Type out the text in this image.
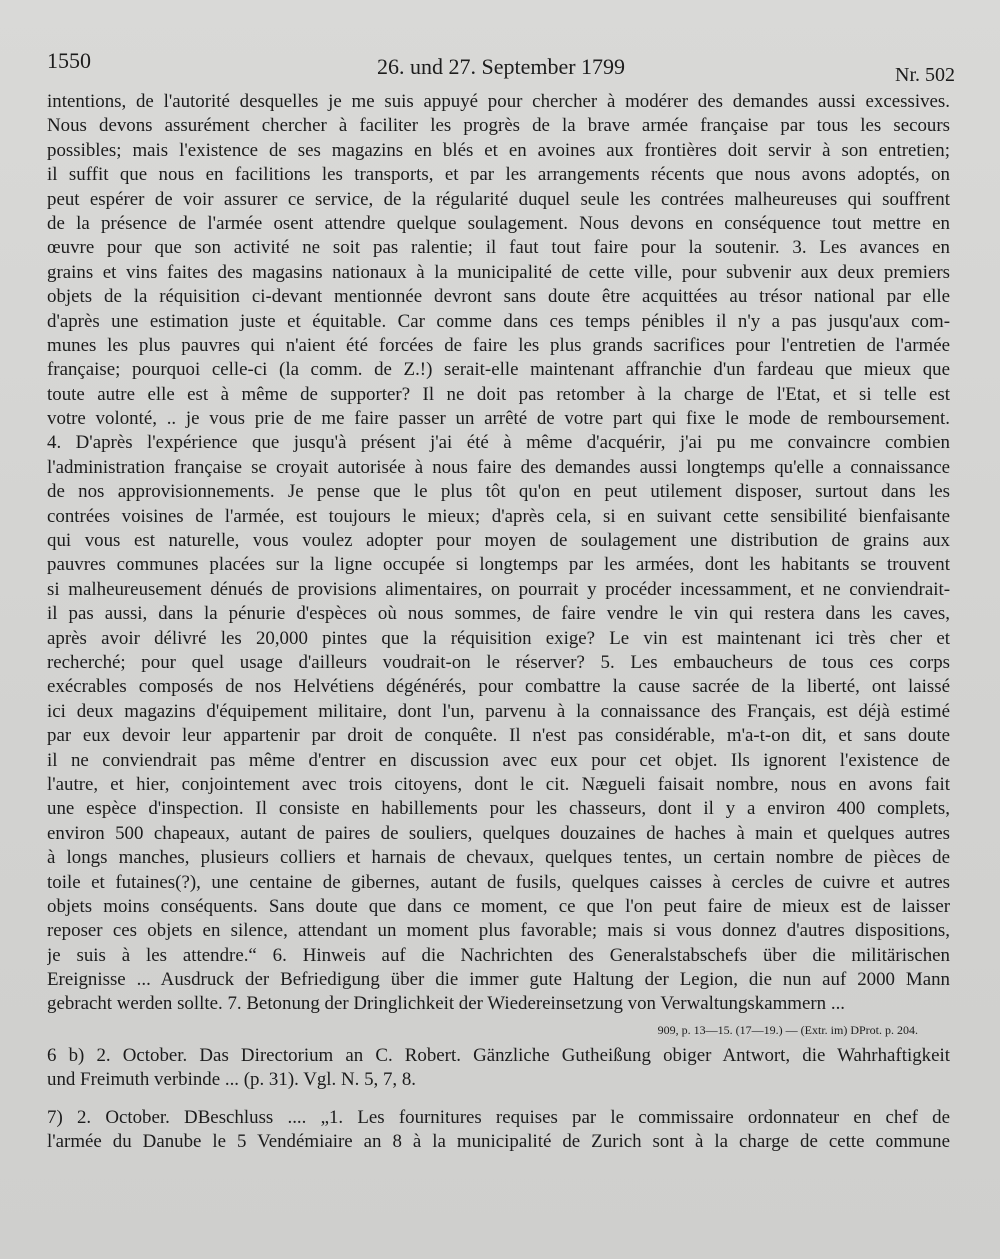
1550	26. und 27. September 1799	Nr. 502
intentions, de l'autorité desquelles je me suis appuyé pour chercher à modérer des demandes aussi excessives.
Nous devons assurément chercher à faciliter les progrès de la brave armée française par tous les secours
possibles; mais l'existence de ses magazins en blés et en avoines aux frontières doit servir à son entretien;
il suffit que nous en facilitions les transports, et par les arrangements récents que nous avons adoptés, on
peut espérer de voir assurer ce service, de la régularité duquel seule les contrées malheureuses qui souffrent
de la présence de l'armée osent attendre quelque soulagement. Nous devons en conséquence tout mettre en
œuvre pour que son activité ne soit pas ralentie; il faut tout faire pour la soutenir. 3. Les avances en
grains et vins faites des magasins nationaux à la municipalité de cette ville, pour subvenir aux deux premiers
objets de la réquisition ci-devant mentionnée devront sans doute être acquittées au trésor national par elle
d'après une estimation juste et équitable. Car comme dans ces temps pénibles il n'y a pas jusqu'aux com-
munes les plus pauvres qui n'aient été forcées de faire les plus grands sacrifices pour l'entretien de l'armée
française; pourquoi celle-ci (la comm. de Z.!) serait-elle maintenant affranchie d'un fardeau que mieux que
toute autre elle est à même de supporter? Il ne doit pas retomber à la charge de l'Etat, et si telle est
votre volonté, .. je vous prie de me faire passer un arrêté de votre part qui fixe le mode de remboursement.
4. D'après l'expérience que jusqu'à présent j'ai été à même d'acquérir, j'ai pu me convaincre combien
l'administration française se croyait autorisée à nous faire des demandes aussi longtemps qu'elle a connaissance
de nos approvisionnements. Je pense que le plus tôt qu'on en peut utilement disposer, surtout dans les
contrées voisines de l'armée, est toujours le mieux; d'après cela, si en suivant cette sensibilité bienfaisante
qui vous est naturelle, vous voulez adopter pour moyen de soulagement une distribution de grains aux
pauvres communes placées sur la ligne occupée si longtemps par les armées, dont les habitants se trouvent
si malheureusement dénués de provisions alimentaires, on pourrait y procéder incessamment, et ne conviendrait-
il pas aussi, dans la pénurie d'espèces où nous sommes, de faire vendre le vin qui restera dans les caves,
après avoir délivré les 20,000 pintes que la réquisition exige? Le vin est maintenant ici très cher et
recherché; pour quel usage d'ailleurs voudrait-on le réserver? 5. Les embaucheurs de tous ces corps
exécrables composés de nos Helvétiens dégénérés, pour combattre la cause sacrée de la liberté, ont laissé
ici deux magazins d'équipement militaire, dont l'un, parvenu à la connaissance des Français, est déjà estimé
par eux devoir leur appartenir par droit de conquête. Il n'est pas considérable, m'a-t-on dit, et sans doute
il ne conviendrait pas même d'entrer en discussion avec eux pour cet objet. Ils ignorent l'existence de
l'autre, et hier, conjointement avec trois citoyens, dont le cit. Nægueli faisait nombre, nous en avons fait
une espèce d'inspection. Il consiste en habillements pour les chasseurs, dont il y a environ 400 complets,
environ 500 chapeaux, autant de paires de souliers, quelques douzaines de haches à main et quelques autres
à longs manches, plusieurs colliers et harnais de chevaux, quelques tentes, un certain nombre de pièces de
toile et futaines(?), une centaine de gibernes, autant de fusils, quelques caisses à cercles de cuivre et autres
objets moins conséquents. Sans doute que dans ce moment, ce que l'on peut faire de mieux est de laisser
reposer ces objets en silence, attendant un moment plus favorable; mais si vous donnez d'autres dispositions,
je suis à les attendre.“ 6. Hinweis auf die Nachrichten des Generalstabschefs über die militärischen
Ereignisse ... Ausdruck der Befriedigung über die immer gute Haltung der Legion, die nun auf 2000 Mann
gebracht werden sollte. 7. Betonung der Dringlichkeit der Wiedereinsetzung von Verwaltungskammern ...
909, p. 13—15. (17—19.) — (Extr. im) DProt. p. 204.
6 b) 2. October. Das Directorium an C. Robert. Gänzliche Gutheißung obiger Antwort, die Wahrhaftigkeit
und Freimuth verbinde ... (p. 31). Vgl. N. 5, 7, 8.
7) 2. October. DBeschluss .... „1. Les fournitures requises par le commissaire ordonnateur en chef de
l'armée du Danube le 5 Vendémiaire an 8 à la municipalité de Zurich sont à la charge de cette commune
